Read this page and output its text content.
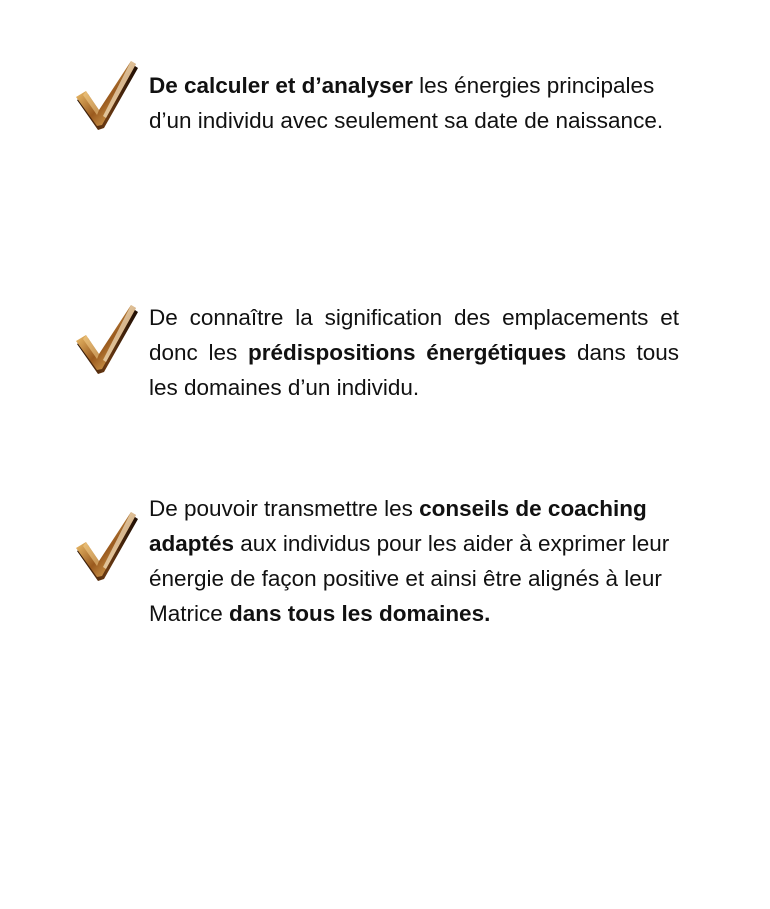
De calculer et d’analyser les énergies principales d’un individu avec seulement sa date de naissance.

De connaître la signification des emplacements et donc les prédispositions énergétiques dans tous les domaines d’un individu.

De pouvoir transmettre les conseils de coaching adaptés aux individus pour les aider à exprimer leur énergie de façon positive et ainsi être alignés à leur Matrice dans tous les domaines.
